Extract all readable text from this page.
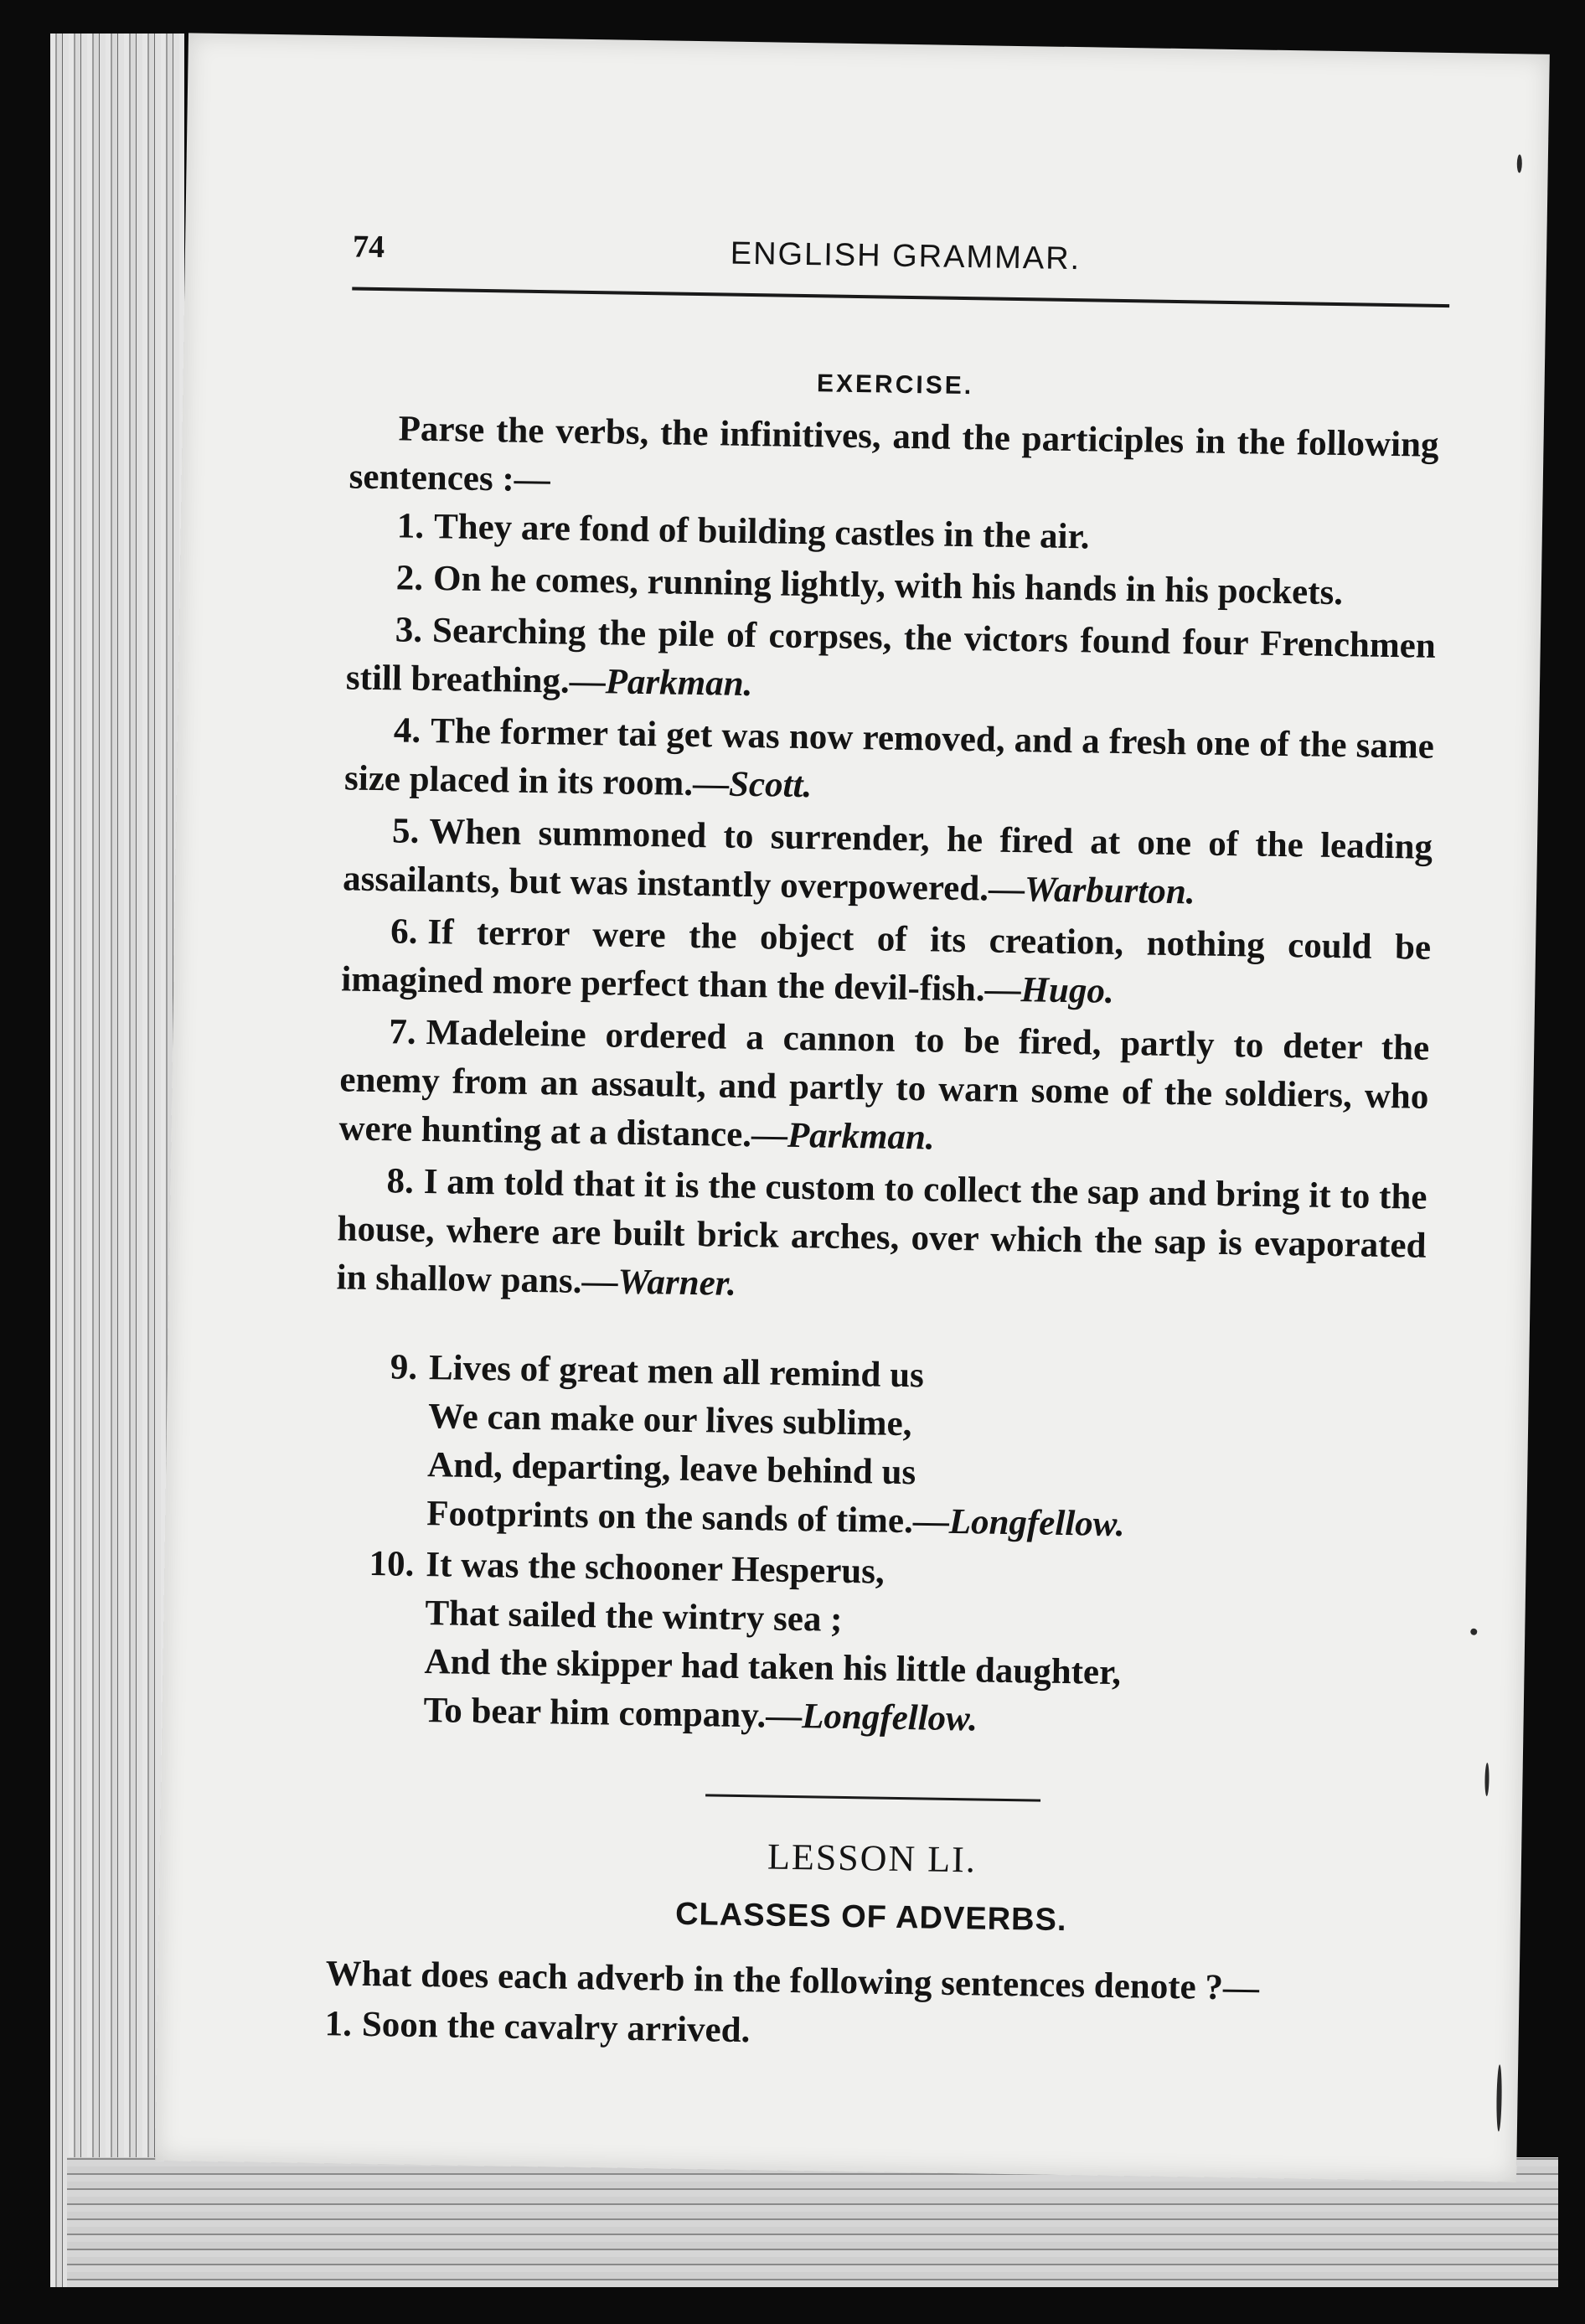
74	ENGLISH GRAMMAR.
EXERCISE.
Parse the verbs, the infinitives, and the participles in the following sentences :—
1. They are fond of building castles in the air.
2. On he comes, running lightly, with his hands in his pockets.
3. Searching the pile of corpses, the victors found four Frenchmen still breathing.—Parkman.
4. The former tai get was now removed, and a fresh one of the same size placed in its room.—Scott.
5. When summoned to surrender, he fired at one of the leading assailants, but was instantly overpowered.—Warburton.
6. If terror were the object of its creation, nothing could be imagined more perfect than the devil-fish.—Hugo.
7. Madeleine ordered a cannon to be fired, partly to deter the enemy from an assault, and partly to warn some of the soldiers, who were hunting at a distance.—Parkman.
8. I am told that it is the custom to collect the sap and bring it to the house, where are built brick arches, over which the sap is evaporated in shallow pans.—Warner.
9. Lives of great men all remind us
We can make our lives sublime,
And, departing, leave behind us
Footprints on the sands of time.—Longfellow.
10. It was the schooner Hesperus,
That sailed the wintry sea ;
And the skipper had taken his little daughter,
To bear him company.—Longfellow.
LESSON LI.
CLASSES OF ADVERBS.
What does each adverb in the following sentences denote ?—
1. Soon the cavalry arrived.
